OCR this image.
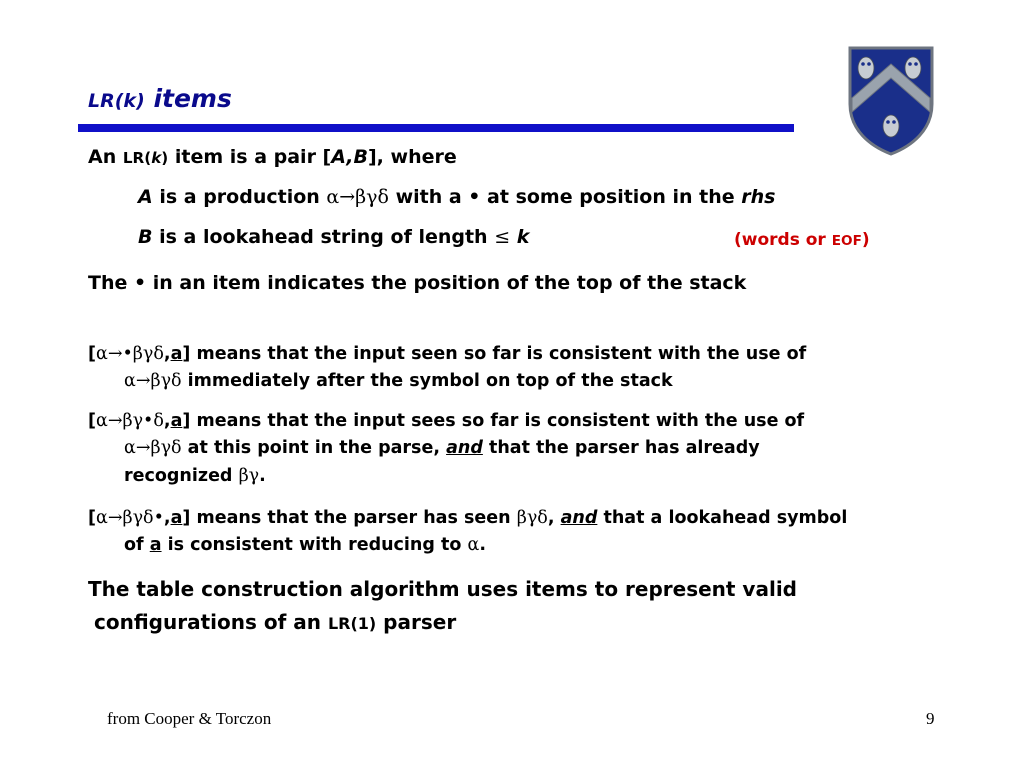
LR(k) items
An LR(k) item is a pair [A,B], where
A is a production α→βγδ with a • at some position in the rhs
B is a lookahead string of length ≤ k	(words or EOF)
The • in an item indicates the position of the top of the stack
[α→•βγδ,a] means that the input seen so far is consistent with the use of
α→βγδ immediately after the symbol on top of the stack
[α→βγ•δ,a] means that the input sees so far is consistent with the use of
α→βγδ at this point in the parse, and that the parser has already
recognized βγ.
[α→βγδ•,a] means that the parser has seen βγδ, and that a lookahead symbol
of a is consistent with reducing to α.
The table construction algorithm uses items to represent valid
configurations of an LR(1) parser
from Cooper & Torczon	9
